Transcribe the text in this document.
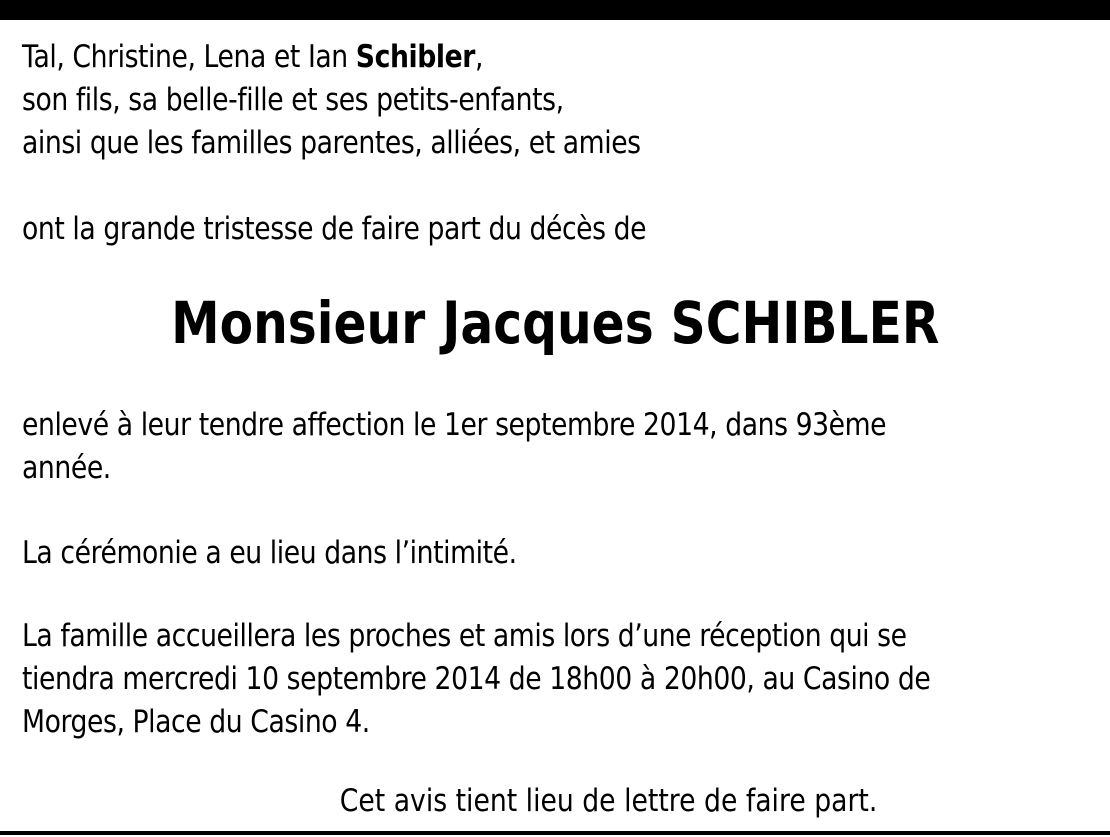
Tal, Christine, Lena et Ian Schibler,
son fils, sa belle-fille et ses petits-enfants,
ainsi que les familles parentes, alliées, et amies
ont la grande tristesse de faire part du décès de
Monsieur Jacques SCHIBLER
enlevé à leur tendre affection le 1er septembre 2014, dans 93ème
année.
La cérémonie a eu lieu dans l’intimité.
La famille accueillera les proches et amis lors d’une réception qui se
tiendra mercredi 10 septembre 2014 de 18h00 à 20h00, au Casino de
Morges, Place du Casino 4.
Cet avis tient lieu de lettre de faire part.
